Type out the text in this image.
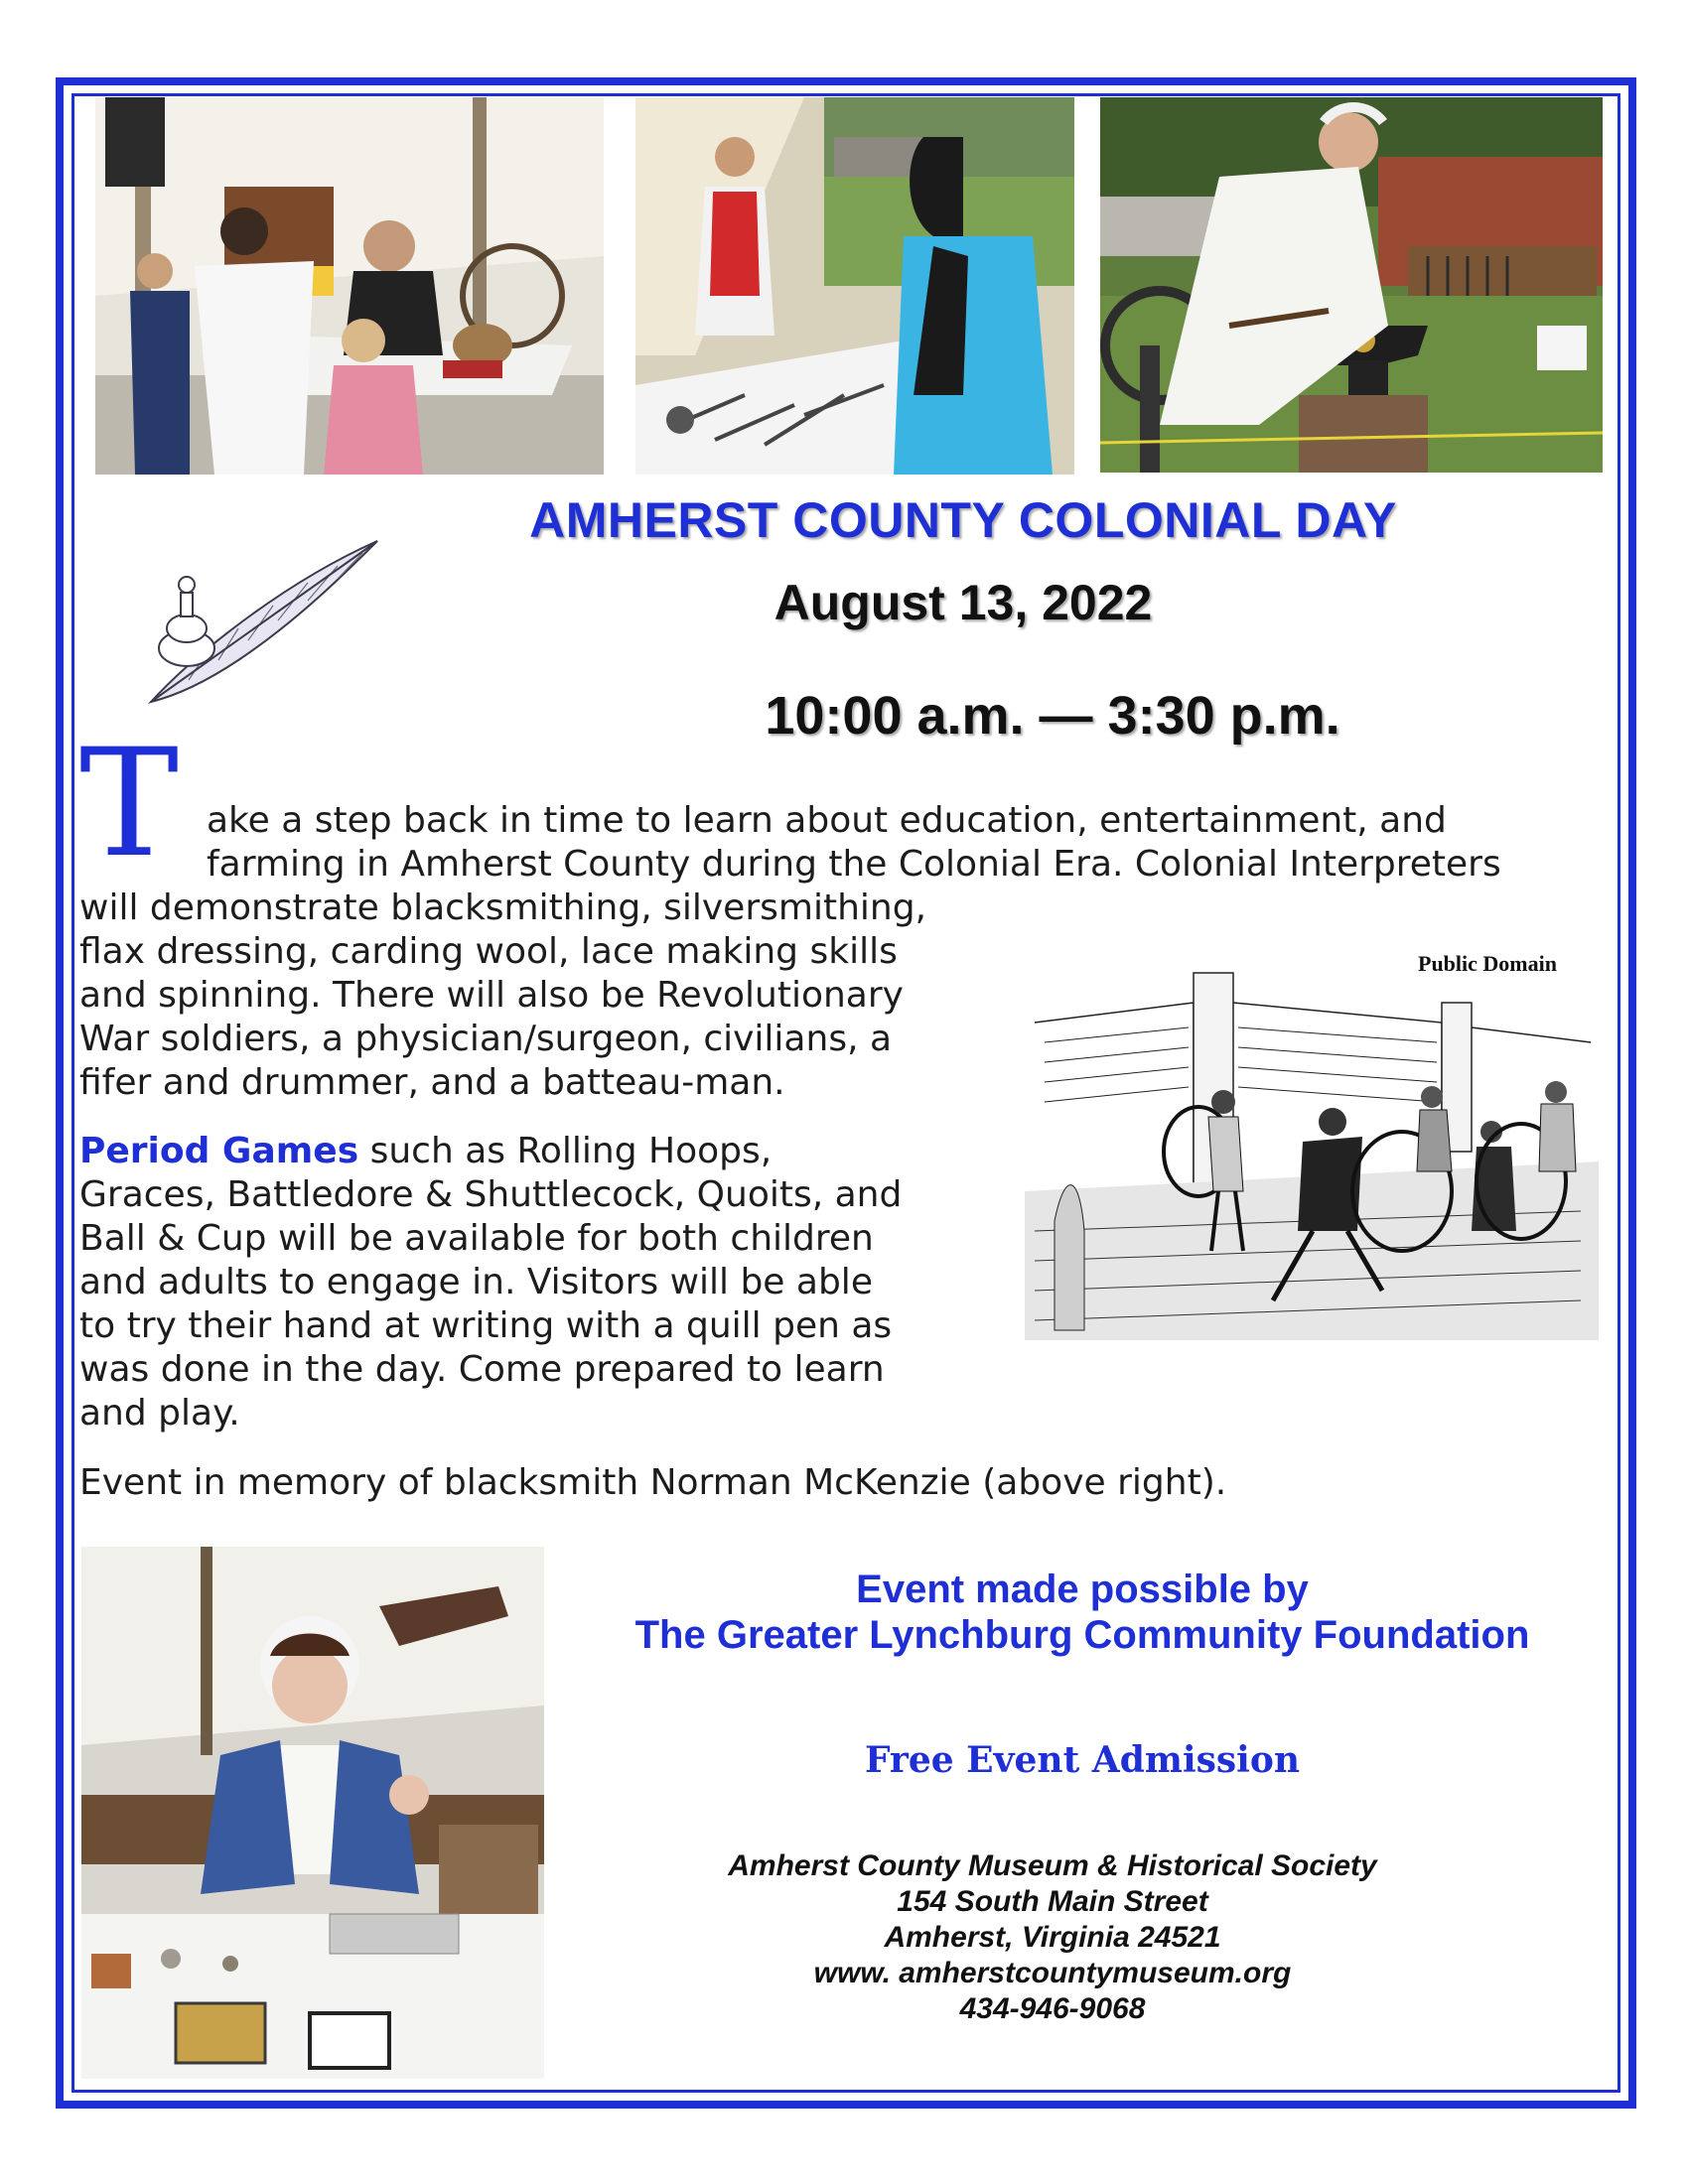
AMHERST COUNTY COLONIAL DAY
August 13, 2022
10:00 a.m. — 3:30 p.m.
T ake a step back in time to learn about education, entertainment, and
farming in Amherst County during the Colonial Era. Colonial Interpreters

will demonstrate blacksmithing, silversmithing,
flax dressing, carding wool, lace making skills
and spinning. There will also be Revolutionary
War soldiers, a physician/surgeon, civilians, a
fifer and drummer, and a batteau-man.

Period Games such as Rolling Hoops,
Graces, Battledore & Shuttlecock, Quoits, and
Ball & Cup will be available for both children
and adults to engage in. Visitors will be able
to try their hand at writing with a quill pen as
was done in the day. Come prepared to learn
and play.

Event in memory of blacksmith Norman McKenzie (above right).

Public Domain
Event made possible by
The Greater Lynchburg Community Foundation
Free Event Admission
Amherst County Museum & Historical Society
154 South Main Street
Amherst, Virginia 24521
www. amherstcountymuseum.org
434-946-9068
